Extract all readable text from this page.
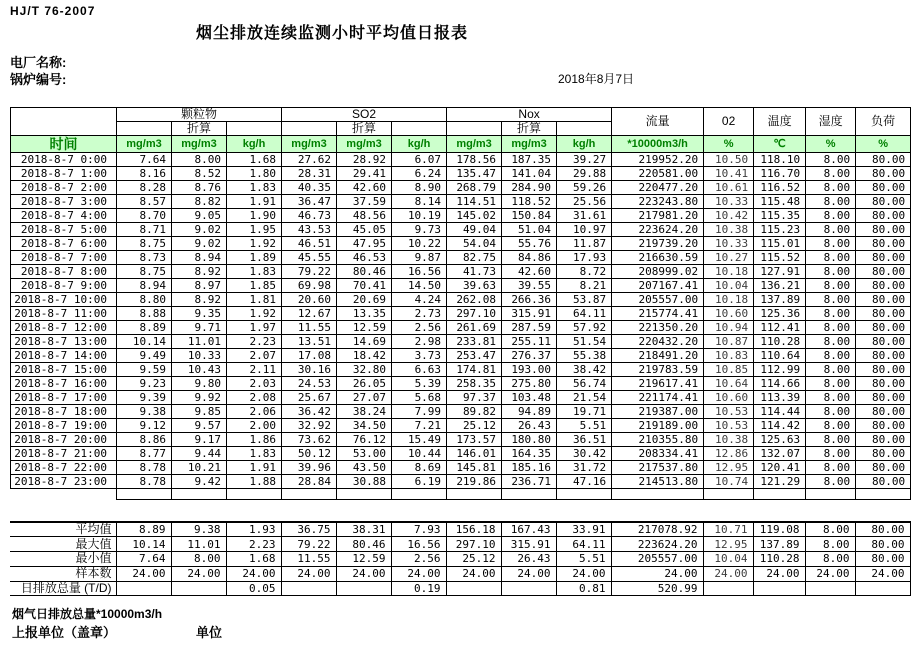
HJ/T 76-2007
烟尘排放连续监测小时平均值日报表
电厂名称:
锅炉编号:	2018年8月7日
	颗粒物			SO2			Nox			流量	02	温度	湿度	负荷
		折算			折算			折算						
时间	mg/m3	mg/m3	kg/h	mg/m3	mg/m3	kg/h	mg/m3	mg/m3	kg/h	*10000m3/h	%	℃	%	%
2018-8-7 0:00	7.64	8.00	1.68	27.62	28.92	6.07	178.56	187.35	39.27	219952.20	10.50	118.10	8.00	80.00
2018-8-7 1:00	8.16	8.52	1.80	28.31	29.41	6.24	135.47	141.04	29.88	220581.00	10.41	116.70	8.00	80.00
2018-8-7 2:00	8.28	8.76	1.83	40.35	42.60	8.90	268.79	284.90	59.26	220477.20	10.61	116.52	8.00	80.00
2018-8-7 3:00	8.57	8.82	1.91	36.47	37.59	8.14	114.51	118.52	25.56	223243.80	10.33	115.48	8.00	80.00
2018-8-7 4:00	8.70	9.05	1.90	46.73	48.56	10.19	145.02	150.84	31.61	217981.20	10.42	115.35	8.00	80.00
2018-8-7 5:00	8.71	9.02	1.95	43.53	45.05	9.73	49.04	51.04	10.97	223624.20	10.38	115.23	8.00	80.00
2018-8-7 6:00	8.75	9.02	1.92	46.51	47.95	10.22	54.04	55.76	11.87	219739.20	10.33	115.01	8.00	80.00
2018-8-7 7:00	8.73	8.94	1.89	45.55	46.53	9.87	82.75	84.86	17.93	216630.59	10.27	115.52	8.00	80.00
2018-8-7 8:00	8.75	8.92	1.83	79.22	80.46	16.56	41.73	42.60	8.72	208999.02	10.18	127.91	8.00	80.00
2018-8-7 9:00	8.94	8.97	1.85	69.98	70.41	14.50	39.63	39.55	8.21	207167.41	10.04	136.21	8.00	80.00
2018-8-7 10:00	8.80	8.92	1.81	20.60	20.69	4.24	262.08	266.36	53.87	205557.00	10.18	137.89	8.00	80.00
2018-8-7 11:00	8.88	9.35	1.92	12.67	13.35	2.73	297.10	315.91	64.11	215774.41	10.60	125.36	8.00	80.00
2018-8-7 12:00	8.89	9.71	1.97	11.55	12.59	2.56	261.69	287.59	57.92	221350.20	10.94	112.41	8.00	80.00
2018-8-7 13:00	10.14	11.01	2.23	13.51	14.69	2.98	233.81	255.11	51.54	220432.20	10.87	110.28	8.00	80.00
2018-8-7 14:00	9.49	10.33	2.07	17.08	18.42	3.73	253.47	276.37	55.38	218491.20	10.83	110.64	8.00	80.00
2018-8-7 15:00	9.59	10.43	2.11	30.16	32.80	6.63	174.81	193.00	38.42	219783.59	10.85	112.99	8.00	80.00
2018-8-7 16:00	9.23	9.80	2.03	24.53	26.05	5.39	258.35	275.80	56.74	219617.41	10.64	114.66	8.00	80.00
2018-8-7 17:00	9.39	9.92	2.08	25.67	27.07	5.68	97.37	103.48	21.54	221174.41	10.60	113.39	8.00	80.00
2018-8-7 18:00	9.38	9.85	2.06	36.42	38.24	7.99	89.82	94.89	19.71	219387.00	10.53	114.44	8.00	80.00
2018-8-7 19:00	9.12	9.57	2.00	32.92	34.50	7.21	25.12	26.43	5.51	219189.00	10.53	114.42	8.00	80.00
2018-8-7 20:00	8.86	9.17	1.86	73.62	76.12	15.49	173.57	180.80	36.51	210355.80	10.38	125.63	8.00	80.00
2018-8-7 21:00	8.77	9.44	1.83	50.12	53.00	10.44	146.01	164.35	30.42	208334.41	12.86	132.07	8.00	80.00
2018-8-7 22:00	8.78	10.21	1.91	39.96	43.50	8.69	145.81	185.16	31.72	217537.80	12.95	120.41	8.00	80.00
2018-8-7 23:00	8.78	9.42	1.88	28.84	30.88	6.19	219.86	236.71	47.16	214513.80	10.74	121.29	8.00	80.00

平均值	8.89	9.38	1.93	36.75	38.31	7.93	156.18	167.43	33.91	217078.92	10.71	119.08	8.00	80.00
最大值	10.14	11.01	2.23	79.22	80.46	16.56	297.10	315.91	64.11	223624.20	12.95	137.89	8.00	80.00
最小值	7.64	8.00	1.68	11.55	12.59	2.56	25.12	26.43	5.51	205557.00	10.04	110.28	8.00	80.00
样本数	24.00	24.00	24.00	24.00	24.00	24.00	24.00	24.00	24.00	24.00	24.00	24.00	24.00	24.00
日排放总量 (T/D)			0.05			0.19			0.81	520.99				
烟气日排放总量*10000m3/h
上报单位（盖章）	单位
